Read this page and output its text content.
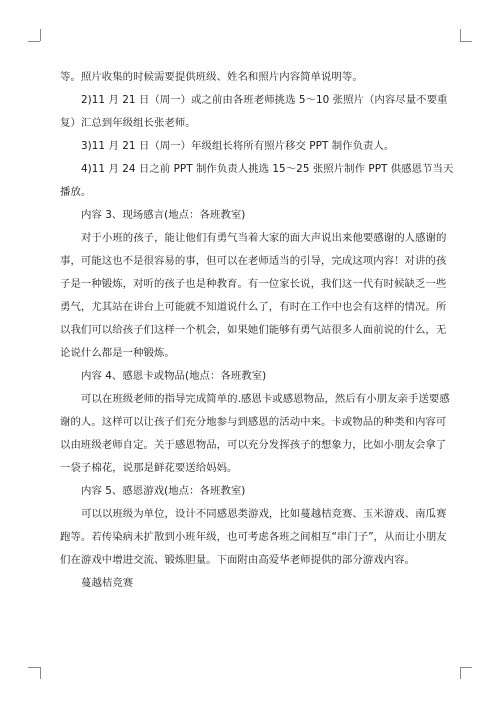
等。照片收集的时候需要提供班级、姓名和照片内容简单说明等。
2)11 月 21 日（周一）或之前由各班老师挑选 5～10 张照片（内容尽量不要重
复）汇总到年级组长张老师。
3)11 月 21 日（周一）年级组长将所有照片移交 PPT 制作负责人。
4)11 月 24 日之前 PPT 制作负责人挑选 15～25 张照片制作 PPT 供感恩节当天
播放。
内容 3、现场感言(地点：各班教室)
对于小班的孩子，能让他们有勇气当着大家的面大声说出来他要感谢的人感谢的
事，可能这也不是很容易的事，但可以在老师适当的引导，完成这项内容！对讲的孩
子是一种锻炼，对听的孩子也是种教育。有一位家长说，我们这一代有时候缺乏一些
勇气，尤其站在讲台上可能就不知道说什么了，有时在工作中也会有这样的情况。所
以我们可以给孩子们这样一个机会，如果她们能够有勇气站很多人面前说的什么，无
论说什么都是一种锻炼。
内容 4、感恩卡或物品(地点：各班教室)
可以在班级老师的指导完成简单的.感恩卡或感恩物品，然后有小朋友亲手送要感
谢的人。这样可以让孩子们充分地参与到感恩的活动中来。卡或物品的种类和内容可
以由班级老师自定。关于感恩物品，可以充分发挥孩子的想象力，比如小朋友会拿了
一袋子棉花，说那是鲜花要送给妈妈。
内容 5、感恩游戏(地点：各班教室)
可以以班级为单位，设计不同感恩类游戏，比如蔓越桔竞赛、玉米游戏、南瓜赛
跑等。若传染病未扩散到小班年级，也可考虑各班之间相互“串门子”，从而让小朋友
们在游戏中增进交流、锻炼胆量。下面附由高爱华老师提供的部分游戏内容。
蔓越桔竞赛
